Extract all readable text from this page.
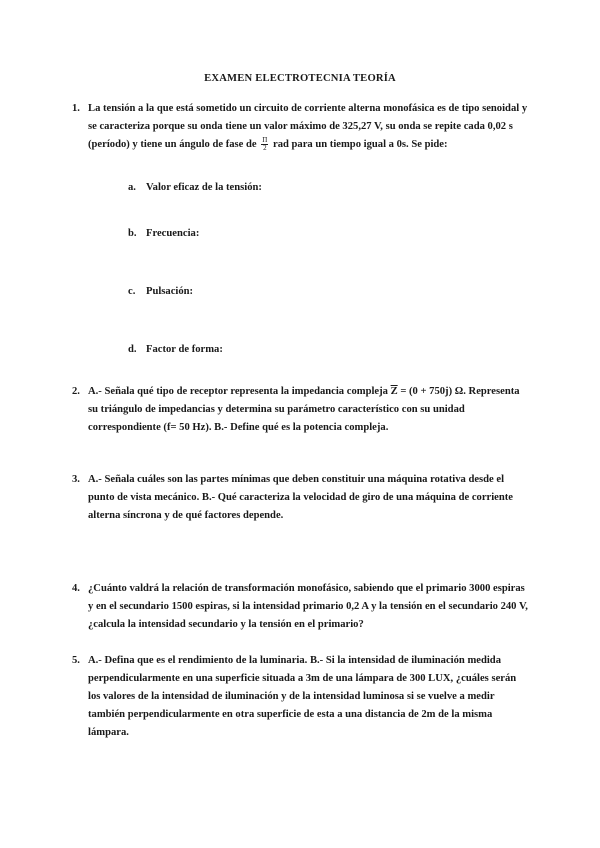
EXAMEN ELECTROTECNIA TEORÍA
1. La tensión a la que está sometido un circuito de corriente alterna monofásica es de tipo senoidal y se caracteriza porque su onda tiene un valor máximo de 325,27 V, su onda se repite cada 0,02 s (período) y tiene un ángulo de fase de $\frac{\Pi}{2}$ rad para un tiempo igual a 0s. Se pide:
a. Valor eficaz de la tensión:
b. Frecuencia:
c. Pulsación:
d. Factor de forma:
2. A.- Señala qué tipo de receptor representa la impedancia compleja $\overline{Z} = (0 + 750j)$ Ω. Representa su triángulo de impedancias y determina su parámetro característico con su unidad correspondiente (f= 50 Hz). B.- Define qué es la potencia compleja.
3. A.- Señala cuáles son las partes mínimas que deben constituir una máquina rotativa desde el punto de vista mecánico. B.- Qué caracteriza la velocidad de giro de una máquina de corriente alterna síncrona y de qué factores depende.
4. ¿Cuánto valdrá la relación de transformación monofásico, sabiendo que el primario 3000 espiras y en el secundario 1500 espiras, si la intensidad primario 0,2 A y la tensión en el secundario 240 V, ¿calcula la intensidad secundario y la tensión en el primario?
5. A.- Defina que es el rendimiento de la luminaria. B.- Si la intensidad de iluminación medida perpendicularmente en una superficie situada a 3m de una lámpara de 300 LUX, ¿cuáles serán los valores de la intensidad de iluminación y de la intensidad luminosa si se vuelve a medir también perpendicularmente en otra superficie de esta a una distancia de 2m de la misma lámpara.
